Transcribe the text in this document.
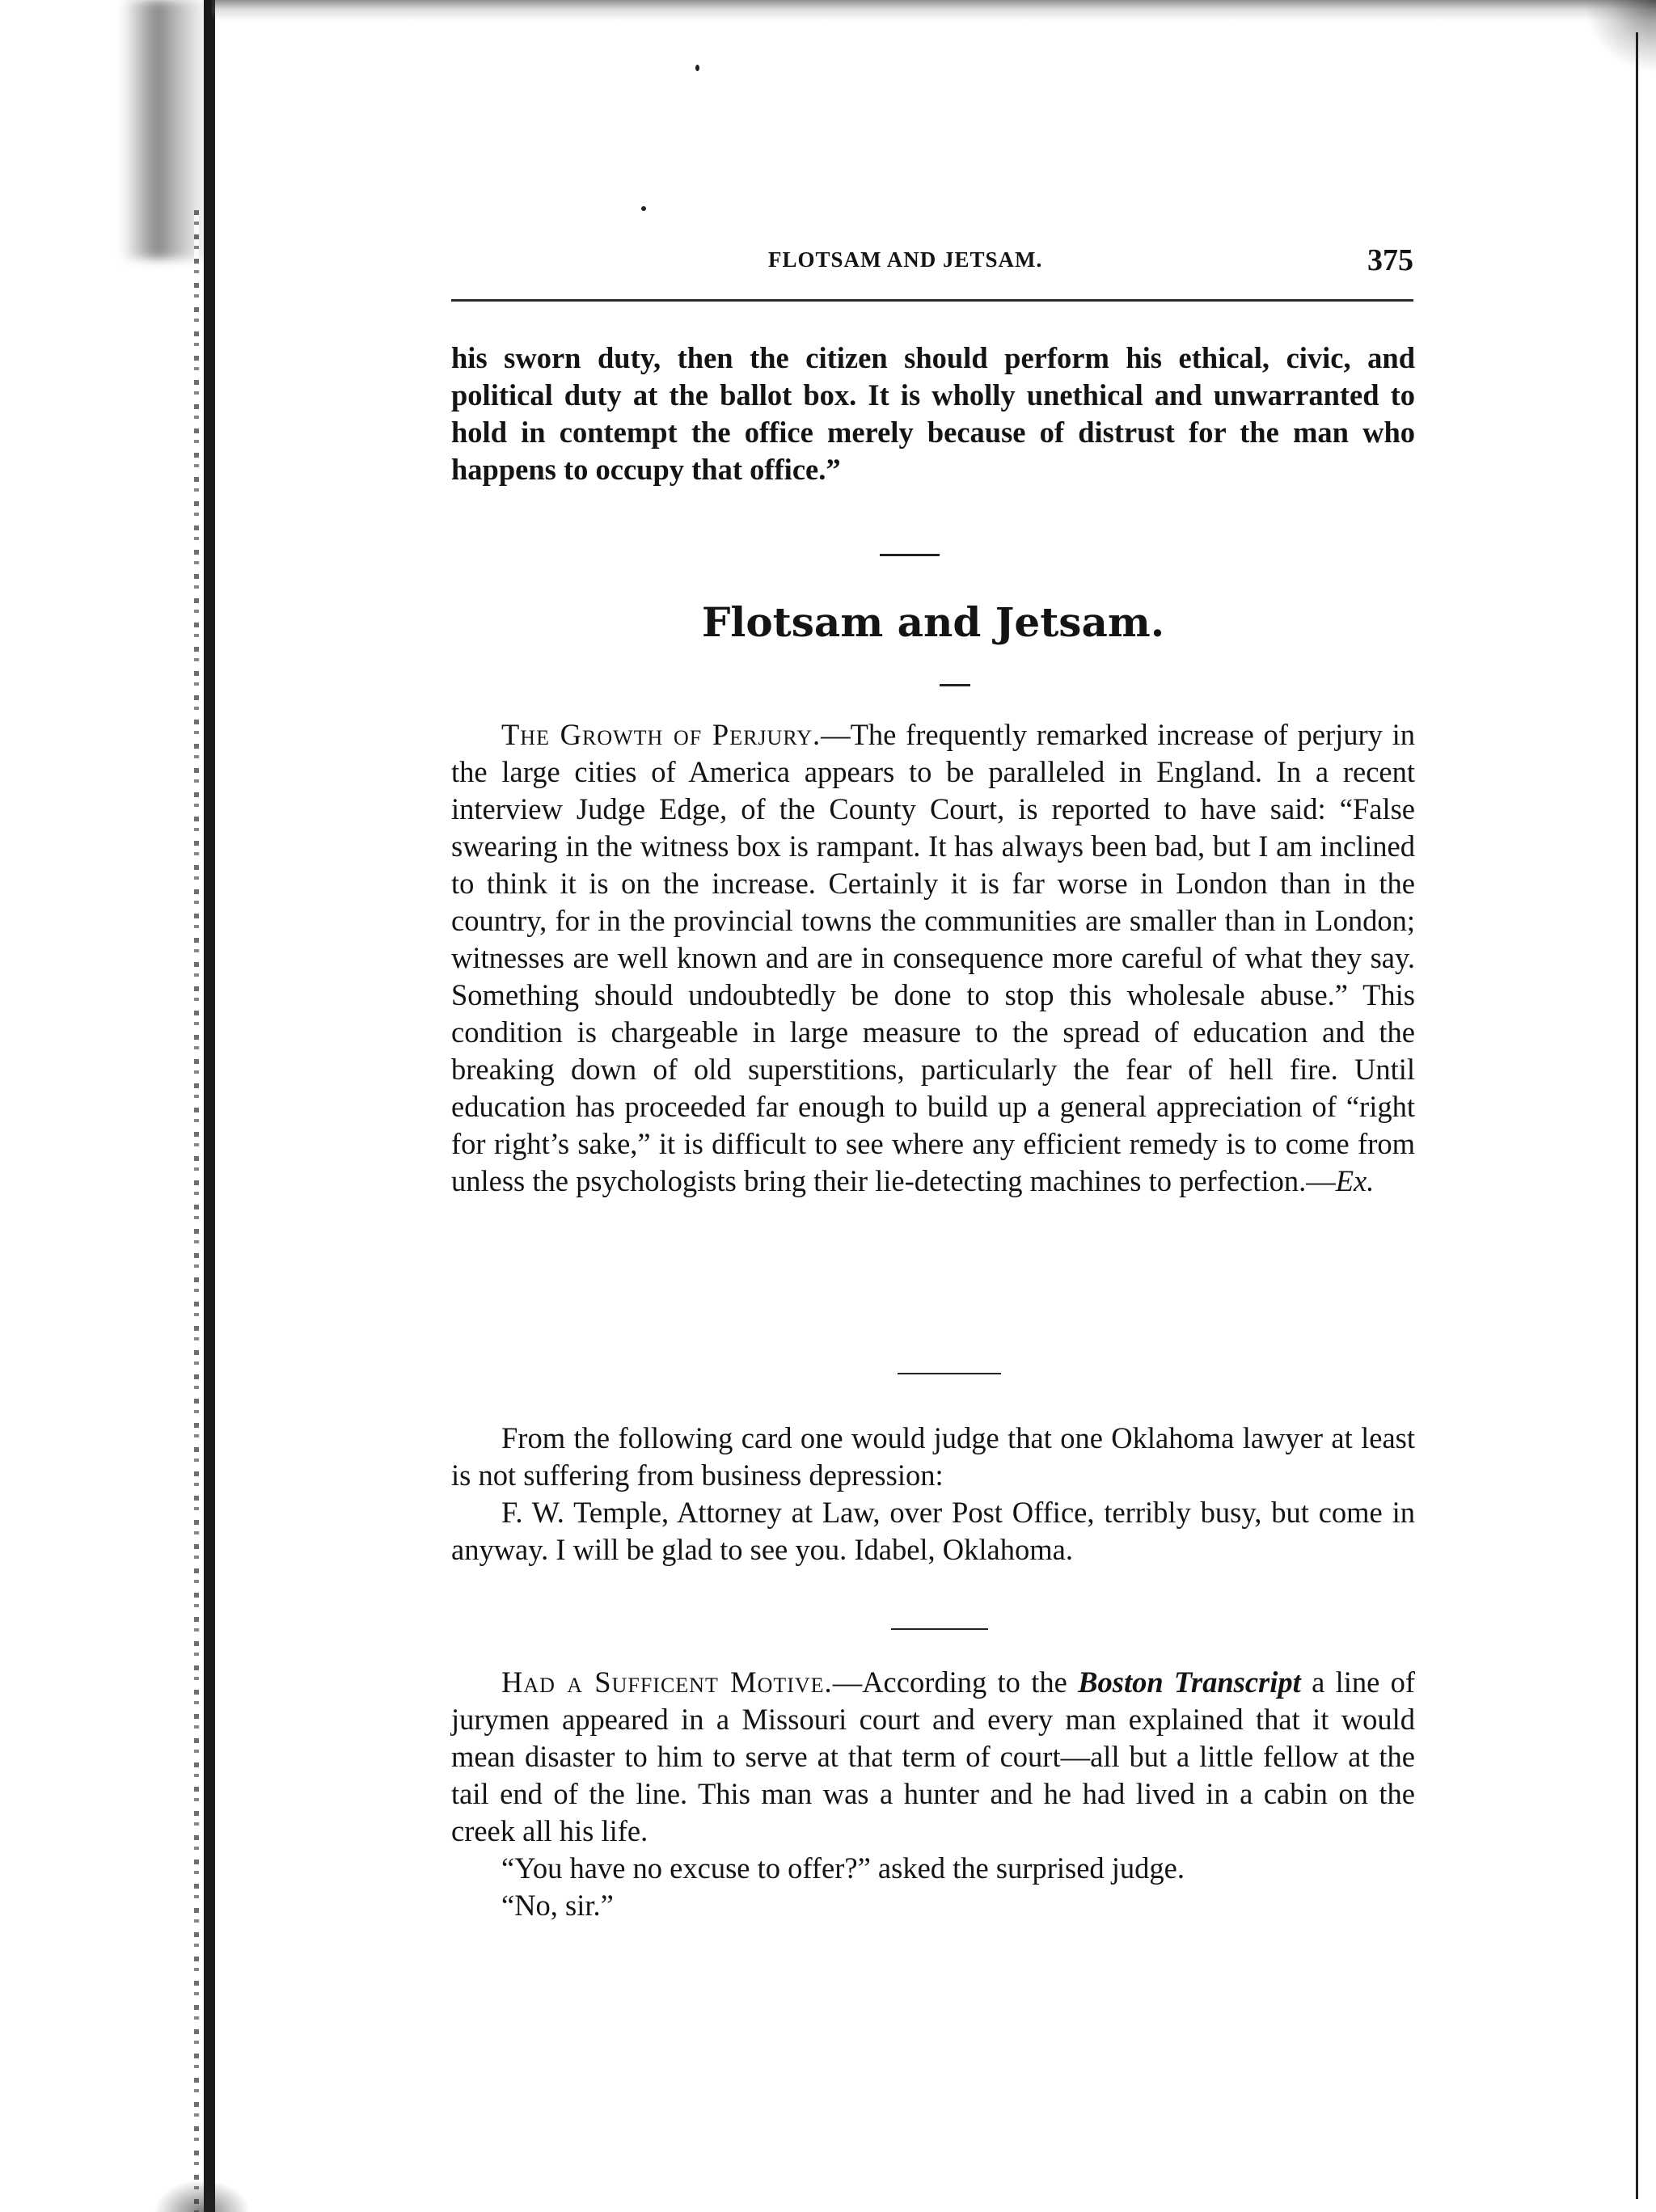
FLOTSAM AND JETSAM.	375

his sworn duty, then the citizen should perform his ethical, civic, and political duty at the ballot box. It is wholly unethical and unwarranted to hold in contempt the office merely because of distrust for the man who happens to occupy that office.”

Flotsam and Jetsam.

The Growth of Perjury.—The frequently remarked increase of perjury in the large cities of America appears to be paralleled in England. In a recent interview Judge Edge, of the County Court, is reported to have said: “False swearing in the witness box is rampant. It has always been bad, but I am inclined to think it is on the increase. Certainly it is far worse in London than in the country, for in the provincial towns the communities are smaller than in London; witnesses are well known and are in consequence more careful of what they say. Something should undoubtedly be done to stop this wholesale abuse.” This condition is chargeable in large measure to the spread of education and the breaking down of old superstitions, particularly the fear of hell fire. Until education has proceeded far enough to build up a general appreciation of “right for right’s sake,” it is difficult to see where any efficient remedy is to come from unless the psychologists bring their lie-detecting machines to perfection.—Ex.

From the following card one would judge that one Oklahoma lawyer at least is not suffering from business depression:

F. W. Temple, Attorney at Law, over Post Office, terribly busy, but come in anyway. I will be glad to see you. Idabel, Oklahoma.

Had a Sufficent Motive.—According to the Boston Transcript a line of jurymen appeared in a Missouri court and every man explained that it would mean disaster to him to serve at that term of court—all but a little fellow at the tail end of the line. This man was a hunter and he had lived in a cabin on the creek all his life.

“You have no excuse to offer?” asked the surprised judge.

“No, sir.”
